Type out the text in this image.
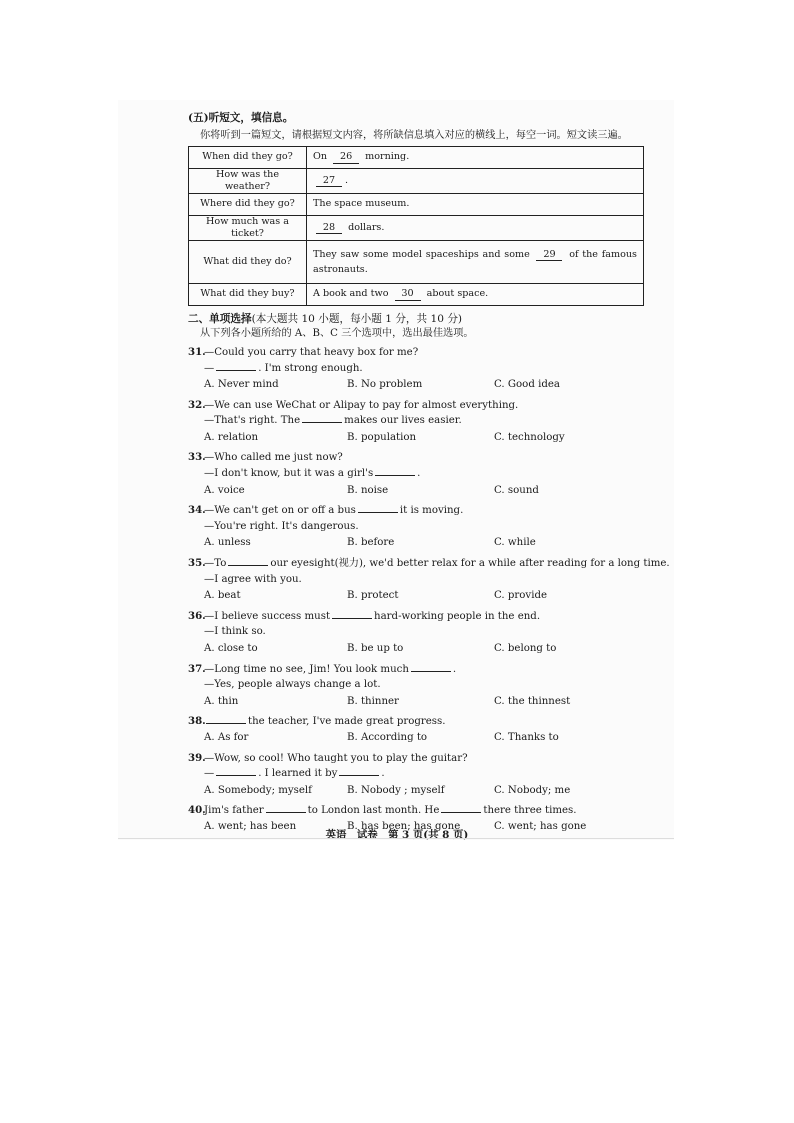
(五)听短文，填信息。
你将听到一篇短文，请根据短文内容，将所缺信息填入对应的横线上，每空一词。短文读三遍。
When did they go?	On 26 morning.
How was the weather?	27 .
Where did they go?	The space museum.
How much was a ticket?	28 dollars.
What did they do?	They saw some model spaceships and some 29 of the famous astronauts.
What did they buy?	A book and two 30 about space.
二、单项选择(本大题共 10 小题，每小题 1 分，共 10 分)
从下列各小题所给的 A、B、C 三个选项中，选出最佳选项。
31.—Could you carry that heavy box for me?
—	. I'm strong enough.
A. Never mind	B. No problem	C. Good idea
32.—We can use WeChat or Alipay to pay for almost everything.
—That's right. The	makes our lives easier.
A. relation	B. population	C. technology
33.—Who called me just now?
—I don't know, but it was a girl's	.
A. voice	B. noise	C. sound
34.—We can't get on or off a bus	it is moving.
—You're right. It's dangerous.
A. unless	B. before	C. while
35.—To	our eyesight(视力), we'd better relax for a while after reading for a long time.
—I agree with you.
A. beat	B. protect	C. provide
36.—I believe success must	hard-working people in the end.
—I think so.
A. close to	B. be up to	C. belong to
37.—Long time no see, Jim! You look much	.
—Yes, people always change a lot.
A. thin	B. thinner	C. the thinnest
38.	the teacher, I've made great progress.
A. As for	B. According to	C. Thanks to
39.—Wow, so cool! Who taught you to play the guitar?
—	. I learned it by	.
A. Somebody; myself	B. Nobody ; myself	C. Nobody; me
40.Jim's father	to London last month. He	there three times.
A. went; has been	B. has been; has gone	C. went; has gone
英语　试卷　第 3 页(共 8 页)
